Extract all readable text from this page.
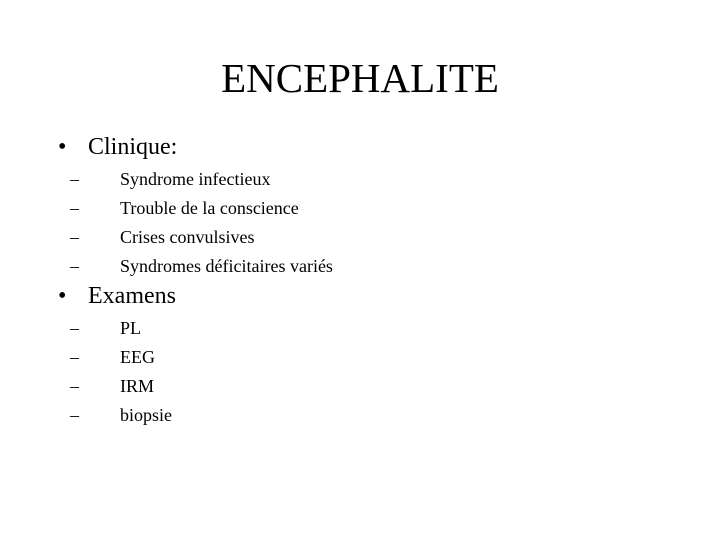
ENCEPHALITE
• Clinique:
–	Syndrome infectieux
–	Trouble de la conscience
–	Crises convulsives
–	Syndromes déficitaires variés
• Examens
–	PL
–	EEG
–	IRM
–	biopsie
